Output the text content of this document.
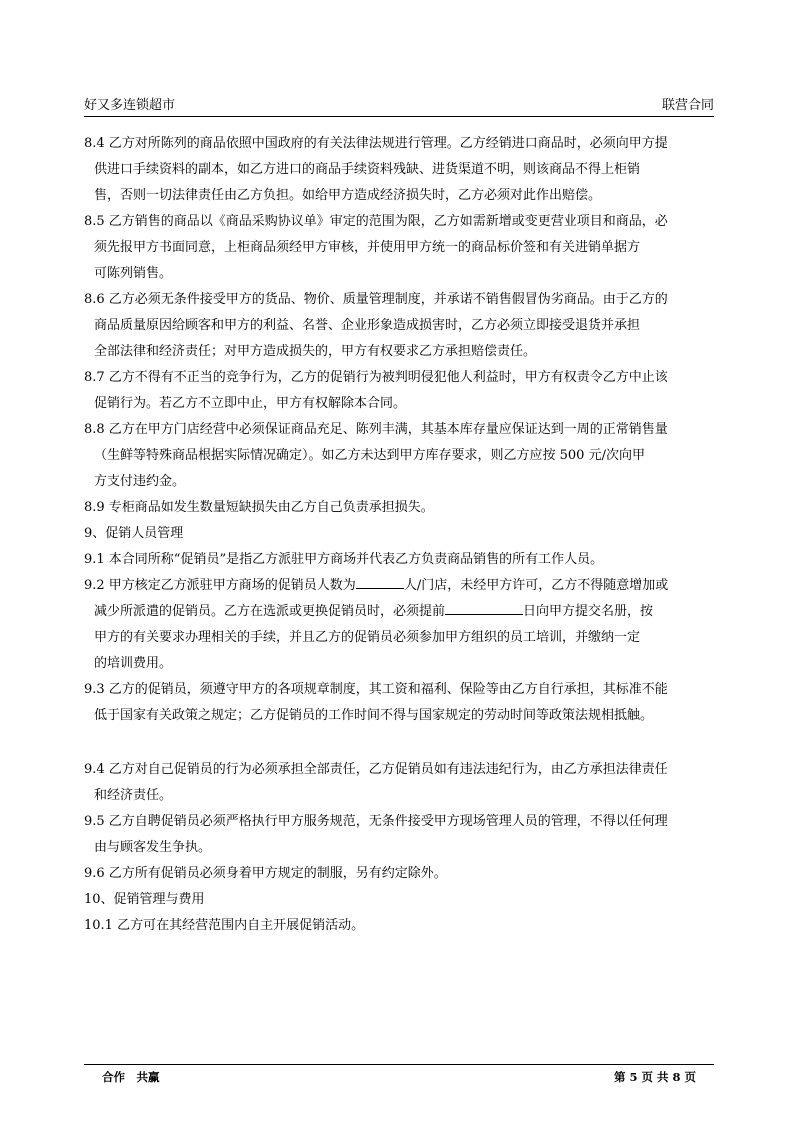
好又多连锁超市	联营合同
8.4 乙方对所陈列的商品依照中国政府的有关法律法规进行管理。乙方经销进口商品时，必须向甲方提
供进口手续资料的副本，如乙方进口的商品手续资料残缺、进货渠道不明，则该商品不得上柜销
售，否则一切法律责任由乙方负担。如给甲方造成经济损失时，乙方必须对此作出赔偿。
8.5 乙方销售的商品以《商品采购协议单》审定的范围为限，乙方如需新增或变更营业项目和商品，必
须先报甲方书面同意，上柜商品须经甲方审核，并使用甲方统一的商品标价签和有关进销单据方
可陈列销售。
8.6 乙方必须无条件接受甲方的货品、物价、质量管理制度，并承诺不销售假冒伪劣商品。由于乙方的
商品质量原因给顾客和甲方的利益、名誉、企业形象造成损害时，乙方必须立即接受退货并承担
全部法律和经济责任；对甲方造成损失的，甲方有权要求乙方承担赔偿责任。
8.7 乙方不得有不正当的竞争行为，乙方的促销行为被判明侵犯他人利益时，甲方有权责令乙方中止该
促销行为。若乙方不立即中止，甲方有权解除本合同。
8.8 乙方在甲方门店经营中必须保证商品充足、陈列丰满，其基本库存量应保证达到一周的正常销售量
（生鲜等特殊商品根据实际情况确定）。如乙方未达到甲方库存要求，则乙方应按 500 元/次向甲
方支付违约金。
8.9 专柜商品如发生数量短缺损失由乙方自己负责承担损失。
9、促销人员管理
9.1 本合同所称“促销员”是指乙方派驻甲方商场并代表乙方负责商品销售的所有工作人员。
9.2 甲方核定乙方派驻甲方商场的促销员人数为	人/门店，未经甲方许可，乙方不得随意增加或
减少所派遣的促销员。乙方在选派或更换促销员时，必须提前	日向甲方提交名册，按
甲方的有关要求办理相关的手续，并且乙方的促销员必须参加甲方组织的员工培训，并缴纳一定
的培训费用。
9.3 乙方的促销员，须遵守甲方的各项规章制度，其工资和福利、保险等由乙方自行承担，其标准不能
低于国家有关政策之规定；乙方促销员的工作时间不得与国家规定的劳动时间等政策法规相抵触。
9.4 乙方对自己促销员的行为必须承担全部责任，乙方促销员如有违法违纪行为，由乙方承担法律责任
和经济责任。
9.5 乙方自聘促销员必须严格执行甲方服务规范，无条件接受甲方现场管理人员的管理，不得以任何理
由与顾客发生争执。
9.6 乙方所有促销员必须身着甲方规定的制服，另有约定除外。
10、促销管理与费用
10.1 乙方可在其经营范围内自主开展促销活动。
合作　共赢	第 5 页 共 8 页
